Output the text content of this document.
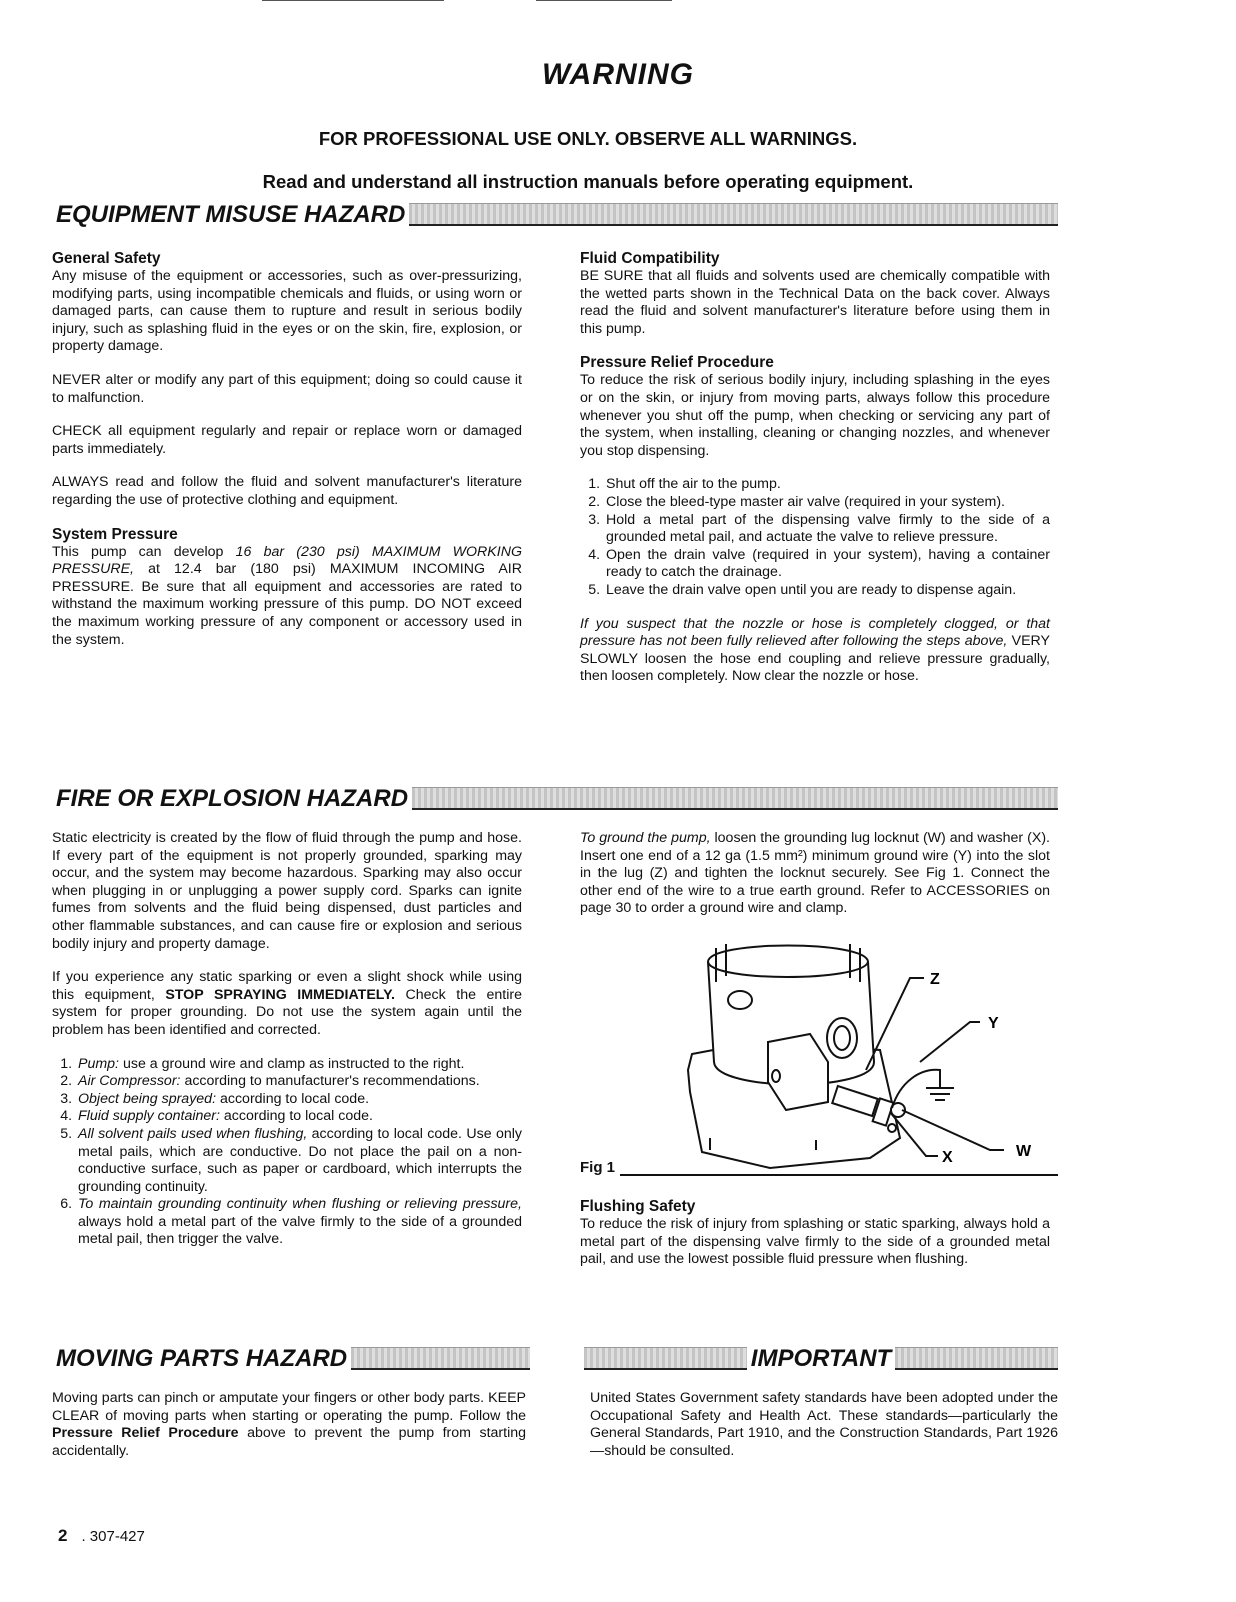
WARNING
FOR PROFESSIONAL USE ONLY. OBSERVE ALL WARNINGS.
Read and understand all instruction manuals before operating equipment.
EQUIPMENT MISUSE HAZARD
General Safety

Any misuse of the equipment or accessories, such as over-pressurizing, modifying parts, using incompatible chemicals and fluids, or using worn or damaged parts, can cause them to rupture and result in serious bodily injury, such as splashing fluid in the eyes or on the skin, fire, explosion, or property damage.

NEVER alter or modify any part of this equipment; doing so could cause it to malfunction.

CHECK all equipment regularly and repair or replace worn or damaged parts immediately.

ALWAYS read and follow the fluid and solvent manufacturer's literature regarding the use of protective clothing and equipment.

System Pressure

This pump can develop 16 bar (230 psi) MAXIMUM WORKING PRESSURE, at 12.4 bar (180 psi) MAXIMUM INCOMING AIR PRESSURE. Be sure that all equipment and accessories are rated to withstand the maximum working pressure of this pump. DO NOT exceed the maximum working pressure of any component or accessory used in the system.

Fluid Compatibility

BE SURE that all fluids and solvents used are chemically compatible with the wetted parts shown in the Technical Data on the back cover. Always read the fluid and solvent manufacturer's literature before using them in this pump.

Pressure Relief Procedure

To reduce the risk of serious bodily injury, including splashing in the eyes or on the skin, or injury from moving parts, always follow this procedure whenever you shut off the pump, when checking or servicing any part of the system, when installing, cleaning or changing nozzles, and whenever you stop dispensing.

1. Shut off the air to the pump.
2. Close the bleed-type master air valve (required in your system).
3. Hold a metal part of the dispensing valve firmly to the side of a grounded metal pail, and actuate the valve to relieve pressure.
4. Open the drain valve (required in your system), having a container ready to catch the drainage.
5. Leave the drain valve open until you are ready to dispense again.

If you suspect that the nozzle or hose is completely clogged, or that pressure has not been fully relieved after following the steps above, VERY SLOWLY loosen the hose end coupling and relieve pressure gradually, then loosen completely. Now clear the nozzle or hose.

FIRE OR EXPLOSION HAZARD

Static electricity is created by the flow of fluid through the pump and hose. If every part of the equipment is not properly grounded, sparking may occur, and the system may become hazardous. Sparking may also occur when plugging in or unplugging a power supply cord. Sparks can ignite fumes from solvents and the fluid being dispensed, dust particles and other flammable substances, and can cause fire or explosion and serious bodily injury and property damage.

If you experience any static sparking or even a slight shock while using this equipment, STOP SPRAYING IMMEDIATELY. Check the entire system for proper grounding. Do not use the system again until the problem has been identified and corrected.

1. Pump: use a ground wire and clamp as instructed to the right.
2. Air Compressor: according to manufacturer's recommendations.
3. Object being sprayed: according to local code.
4. Fluid supply container: according to local code.
5. All solvent pails used when flushing, according to local code. Use only metal pails, which are conductive. Do not place the pail on a non-conductive surface, such as paper or cardboard, which interrupts the grounding continuity.
6. To maintain grounding continuity when flushing or relieving pressure, always hold a metal part of the valve firmly to the side of a grounded metal pail, then trigger the valve.

To ground the pump, loosen the grounding lug locknut (W) and washer (X). Insert one end of a 12 ga (1.5 mm²) minimum ground wire (Y) into the slot in the lug (Z) and tighten the locknut securely. See Fig 1. Connect the other end of the wire to a true earth ground. Refer to ACCESSORIES on page 30 to order a ground wire and clamp.

Z
Y
X	W
Fig 1
Flushing Safety

To reduce the risk of injury from splashing or static sparking, always hold a metal part of the dispensing valve firmly to the side of a grounded metal pail, and use the lowest possible fluid pressure when flushing.

MOVING PARTS HAZARD

Moving parts can pinch or amputate your fingers or other body parts. KEEP CLEAR of moving parts when starting or operating the pump. Follow the Pressure Relief Procedure above to prevent the pump from starting accidentally.

IMPORTANT

United States Government safety standards have been adopted under the Occupational Safety and Health Act. These standards—particularly the General Standards, Part 1910, and the Construction Standards, Part 1926—should be consulted.

2 . 307-427
